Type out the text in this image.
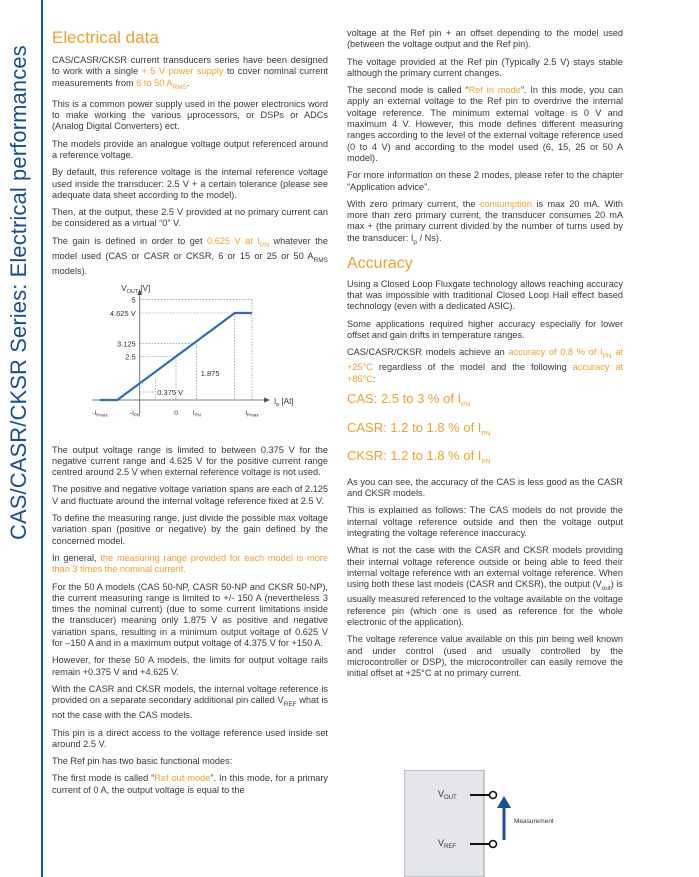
CAS/CASR/CKSR Series: Electrical performances
Electrical data

CAS/CASR/CKSR current transducers series have been designed to work with a single + 5 V power supply to cover nominal current measurements from 6 to 50 $A_{RMS}$.

This is a common power supply used in the power electronics word to make working the various µprocessors, or DSPs or ADCs (Analog Digital Converters) ect.

The models provide an analogue voltage output referenced around a reference voltage.

By default, this reference voltage is the internal reference voltage used inside the transducer: 2.5 V + a certain tolerance (please see adequate data sheet according to the model).

Then, at the output, these 2.5 V provided at no primary current can be considered as a virtual “0” V.

The gain is defined in order to get 0.625 V at $I_{PN}$ whatever the model used (CAS or CASR or CKSR, 6 or 15 or 25 or 50 $A_{RMS}$ models).

$V_{OUT}$ [V]
5
4.625 V
3.125
2.5
0.375 V
1.875
$-I_{Pmax}$	$-I_{PN}$	0 $I_{PN}$	$I_{Pmax}$
$I_p$ [At]

The output voltage range is limited to between 0.375 V for the negative current range and 4.625 V for the positive current range centred around 2.5 V when external reference voltage is not used.

The positive and negative voltage variation spans are each of 2.125 V and fluctuate around the internal voltage reference fixed at 2.5 V.

To define the measuring range, just divide the possible max voltage variation span (positive or negative) by the gain defined by the concerned model.

In general, the measuring range provided for each model is more than 3 times the nominal current.

For the 50 A models (CAS 50-NP, CASR 50-NP and CKSR 50-NP), the current measuring range is limited to +/- 150 A (nevertheless 3 times the nominal current) (due to some current limitations inside the transducer) meaning only 1.875 V as positive and negative variation spans, resulting in a minimum output voltage of 0.625 V for –150 A and in a maximum output voltage of 4.375 V for +150 A.

However, for these 50 A models, the limits for output voltage rails remain +0.375 V and +4.625 V.

With the CASR and CKSR models, the internal voltage reference is provided on a separate secondary additional pin called $V_{REF}$ what is not the case with the CAS models.

This pin is a direct access to the voltage reference used inside set around 2.5 V.

The Ref pin has two basic functional modes:

The first mode is called “Ref out mode”. In this mode, for a primary current of 0 A, the output voltage is equal to the

voltage at the Ref pin + an offset depending to the model used (between the voltage output and the Ref pin).

The voltage provided at the Ref pin (Typically 2.5 V) stays stable although the primary current changes.

The second mode is called “Ref in mode”. In this mode, you can apply an external voltage to the Ref pin to overdrive the internal voltage reference. The minimum external voltage is 0 V and maximum 4 V. However, this mode defines different measuring ranges according to the level of the external voltage reference used (0 to 4 V) and according to the model used (6, 15, 25 or 50 A model).

For more information on these 2 modes, please refer to the chapter “Application advice”.

With zero primary current, the consumption is max 20 mA. With more than zero primary current, the transducer consumes 20 mA max + (the primary current divided by the number of turns used by the transducer: $I_p / Ns$).

Accuracy

Using a Closed Loop Fluxgate technology allows reaching accuracy that was impossible with traditional Closed Loop Hall effect based technology (even with a dedicated ASIC).

Some applications required higher accuracy especially for lower offset and gain drifts in temperature ranges.

CAS/CASR/CKSR models achieve an accuracy of 0.8 % of $I_{PN}$ at +25°C regardless of the model and the following accuracy at +85°C:

CAS: 2.5 to 3 % of $I_{PN}$
CASR: 1.2 to 1.8 % of $I_{PN}$
CKSR: 1.2 to 1.8 % of $I_{PN}$

As you can see, the accuracy of the CAS is less good as the CASR and CKSR models.

This is explained as follows: The CAS models do not provide the internal voltage reference outside and then the voltage output integrating the voltage reference inaccuracy.

What is not the case with the CASR and CKSR models providing their internal voltage reference outside or being able to feed their internal voltage reference with an external voltage reference. When using both these last models (CASR and CKSR), the output $(V_{out})$ is usually measured referenced to the voltage available on the voltage reference pin (which one is used as reference for the whole electronic of the application).

The voltage reference value available on this pin being well known and under control (used and usually controlled by the microcontroller or DSP), the microcontroller can easily remove the initial offset at +25°C at no primary current.

$V_{OUT}$
$V_{REF}$
Measurement
